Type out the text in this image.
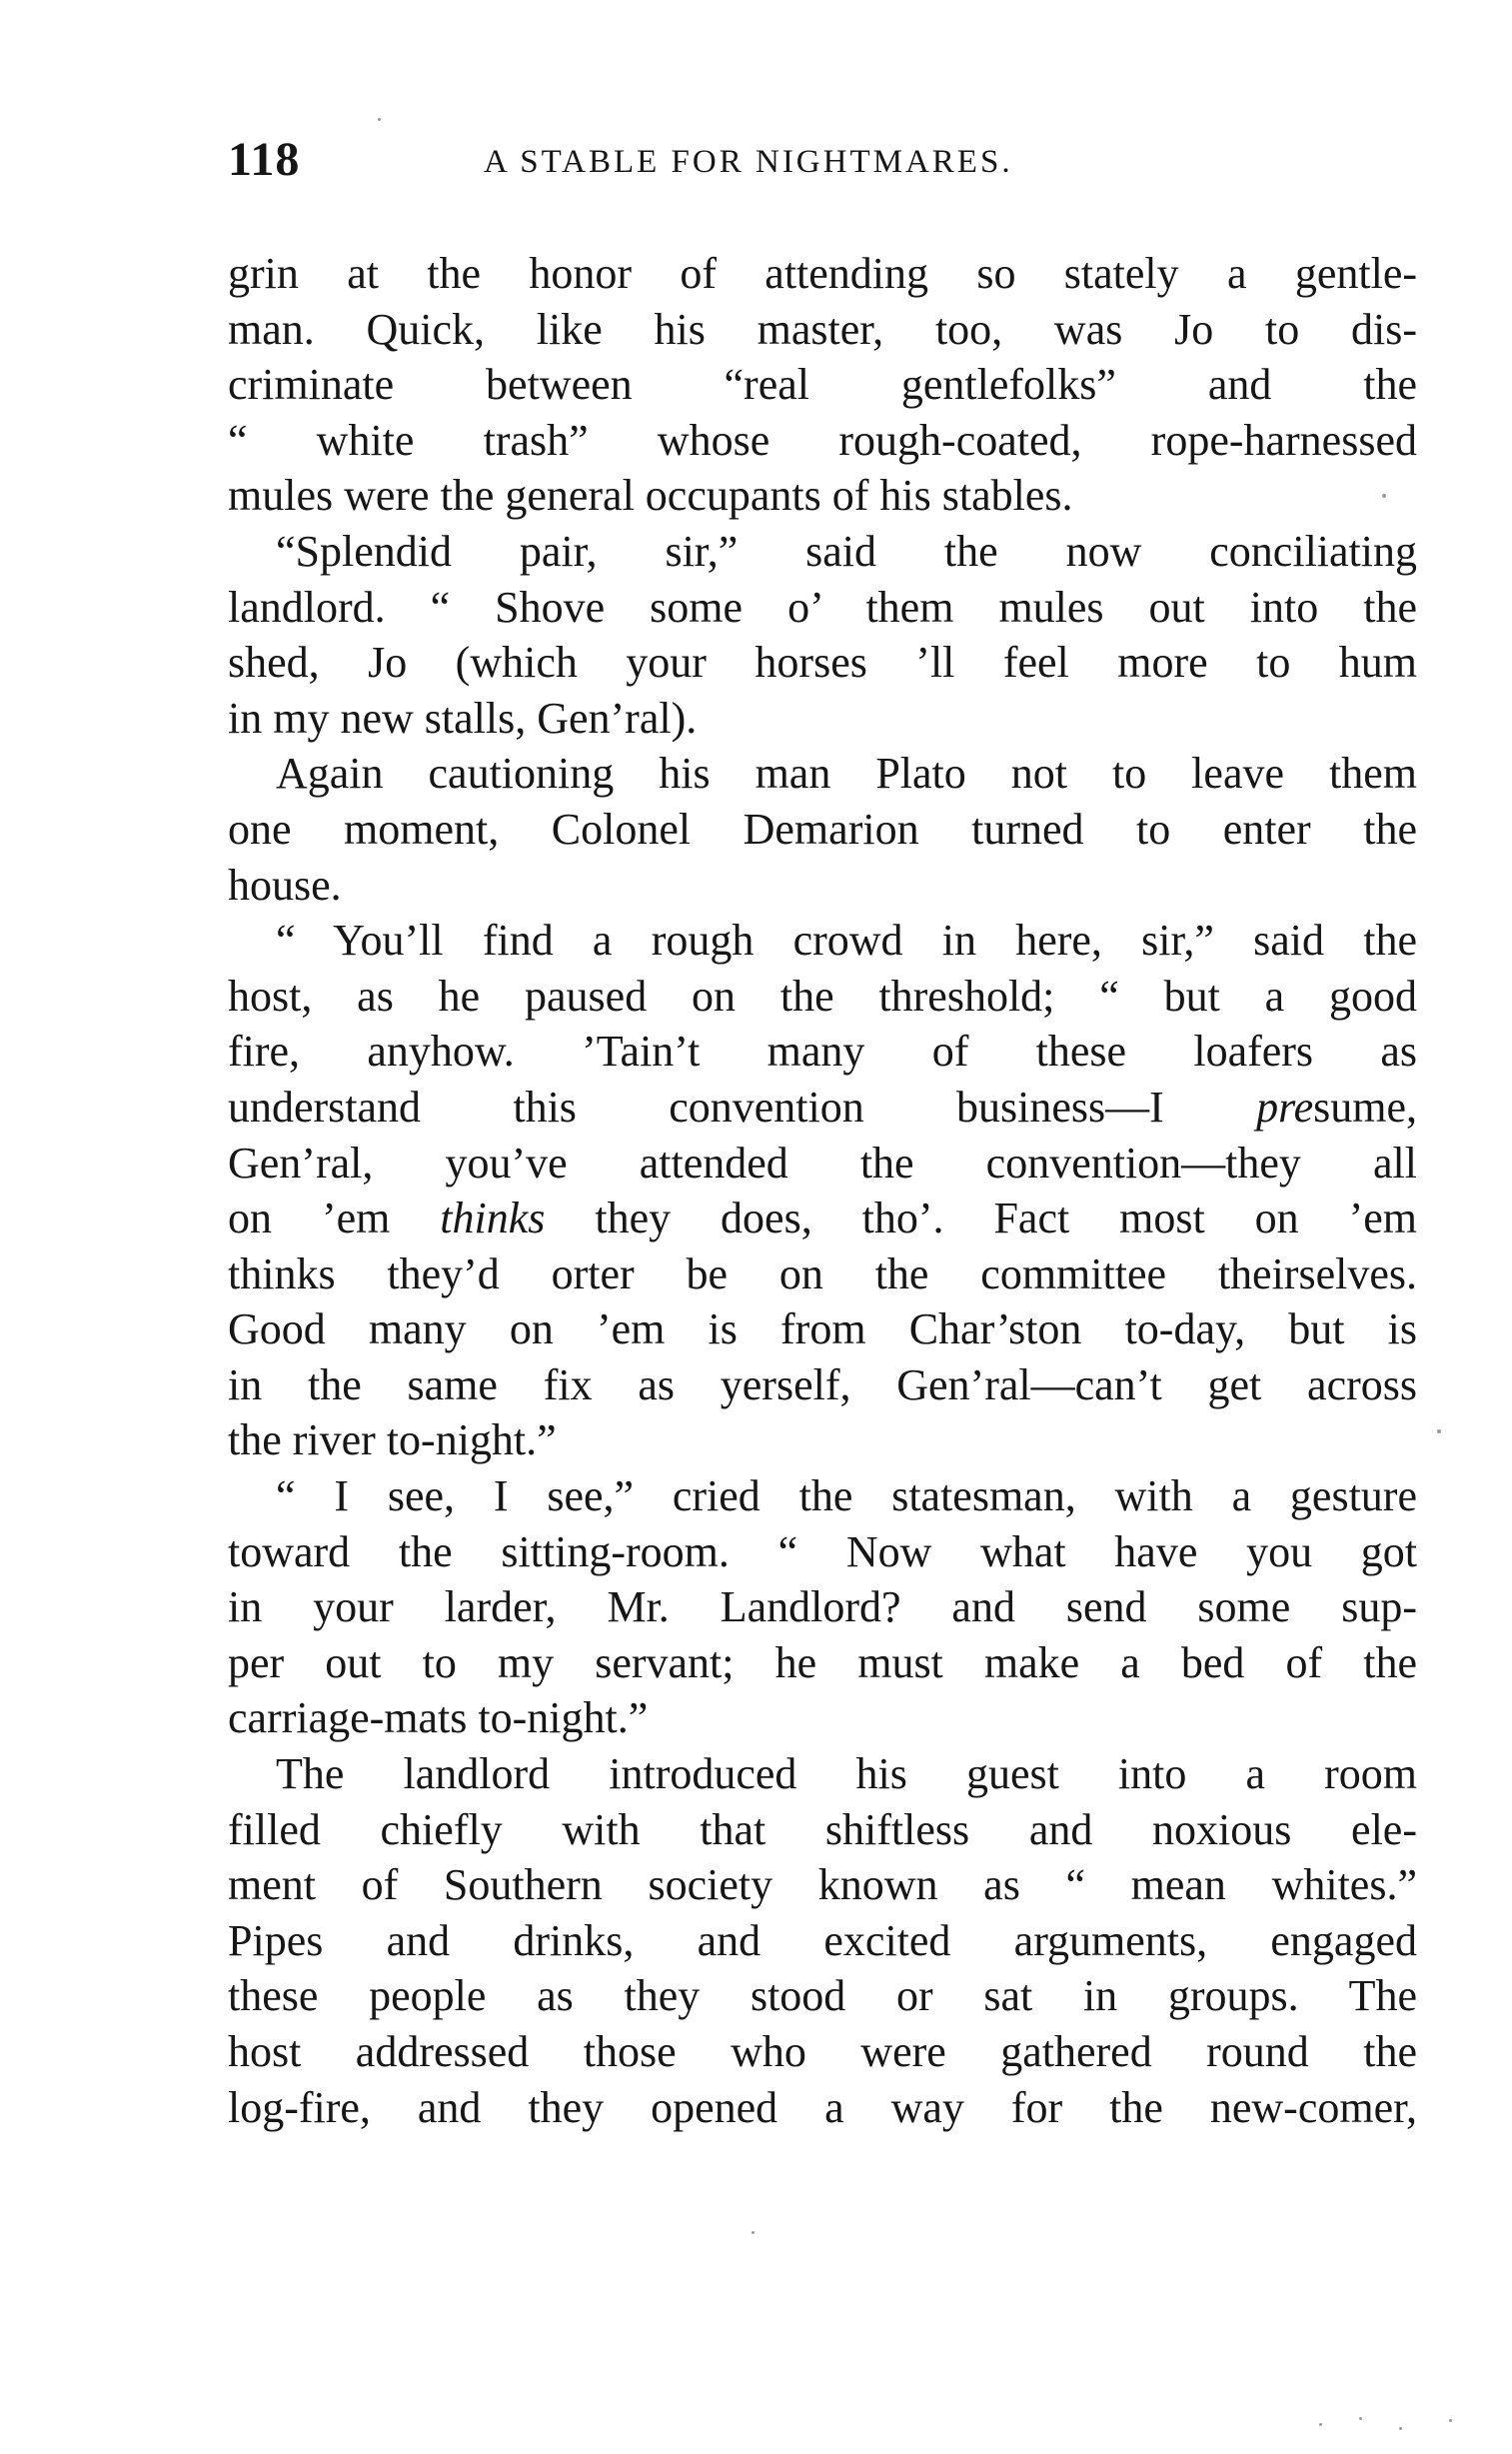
118	A STABLE FOR NIGHTMARES.
grin at the honor of attending so stately a gentle-
man. Quick, like his master, too, was Jo to dis-
criminate between “real gentlefolks” and the
“ white trash” whose rough-coated, rope-harnessed
mules were the general occupants of his stables.
“Splendid pair, sir,” said the now conciliating
landlord. “ Shove some o’ them mules out into the
shed, Jo (which your horses ’ll feel more to hum
in my new stalls, Gen’ral).
Again cautioning his man Plato not to leave them
one moment, Colonel Demarion turned to enter the
house.
“ You’ll find a rough crowd in here, sir,” said the
host, as he paused on the threshold; “ but a good
fire, anyhow. ’Tain’t many of these loafers as
understand this convention business—I presume,
Gen’ral, you’ve attended the convention—they all
on ’em thinks they does, tho’. Fact most on ’em
thinks they’d orter be on the committee theirselves.
Good many on ’em is from Char’ston to-day, but is
in the same fix as yerself, Gen’ral—can’t get across
the river to-night.”
“ I see, I see,” cried the statesman, with a gesture
toward the sitting-room. “ Now what have you got
in your larder, Mr. Landlord? and send some sup-
per out to my servant; he must make a bed of the
carriage-mats to-night.”
The landlord introduced his guest into a room
filled chiefly with that shiftless and noxious ele-
ment of Southern society known as “ mean whites.”
Pipes and drinks, and excited arguments, engaged
these people as they stood or sat in groups. The
host addressed those who were gathered round the
log-fire, and they opened a way for the new-comer,
